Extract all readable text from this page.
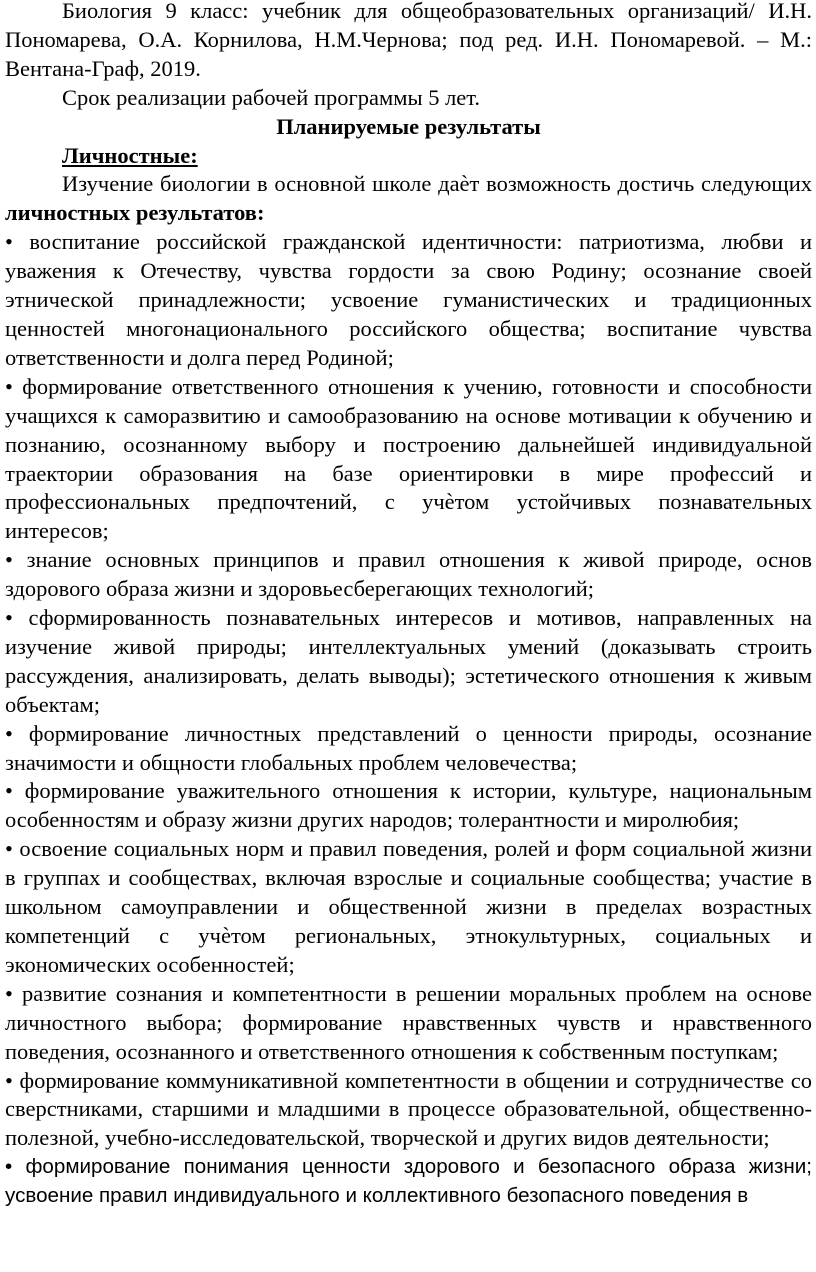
Биология 9 класс: учебник для общеобразовательных организаций/ И.Н. Пономарева, О.А. Корнилова, Н.М.Чернова; под ред. И.Н. Пономаревой. – М.: Вентана-Граф, 2019.

Срок реализации рабочей программы 5 лет.

Планируемые результаты

Личностные:

Изучение биологии в основной школе даѐт возможность достичь следующих личностных результатов:

• воспитание российской гражданской идентичности: патриотизма, любви и уважения к Отечеству, чувства гордости за свою Родину; осознание своей этнической принадлежности; усвоение гуманистических и традиционных ценностей многонационального российского общества; воспитание чувства ответственности и долга перед Родиной;

• формирование ответственного отношения к учению, готовности и способности учащихся к саморазвитию и самообразованию на основе мотивации к обучению и познанию, осознанному выбору и построению дальнейшей индивидуальной траектории образования на базе ориентировки в мире профессий и профессиональных предпочтений, с учѐтом устойчивых познавательных интересов;

• знание основных принципов и правил отношения к живой природе, основ здорового образа жизни и здоровьесберегающих технологий;

• сформированность познавательных интересов и мотивов, направленных на изучение живой природы; интеллектуальных умений (доказывать строить рассуждения, анализировать, делать выводы); эстетического отношения к живым объектам;

• формирование личностных представлений о ценности природы, осознание значимости и общности глобальных проблем человечества;

• формирование уважительного отношения к истории, культуре, национальным особенностям и образу жизни других народов; толерантности и миролюбия;

• освоение социальных норм и правил поведения, ролей и форм социальной жизни в группах и сообществах, включая взрослые и социальные сообщества; участие в школьном самоуправлении и общественной жизни в пределах возрастных компетенций с учѐтом региональных, этнокультурных, социальных и экономических особенностей;

• развитие сознания и компетентности в решении моральных проблем на основе личностного выбора; формирование нравственных чувств и нравственного поведения, осознанного и ответственного отношения к собственным поступкам;

• формирование коммуникативной компетентности в общении и сотрудничестве со сверстниками, старшими и младшими в процессе образовательной, общественно-полезной, учебно-исследовательской, творческой и других видов деятельности;

• формирование понимания ценности здорового и безопасного образа жизни; усвоение правил индивидуального и коллективного безопасного поведения в
